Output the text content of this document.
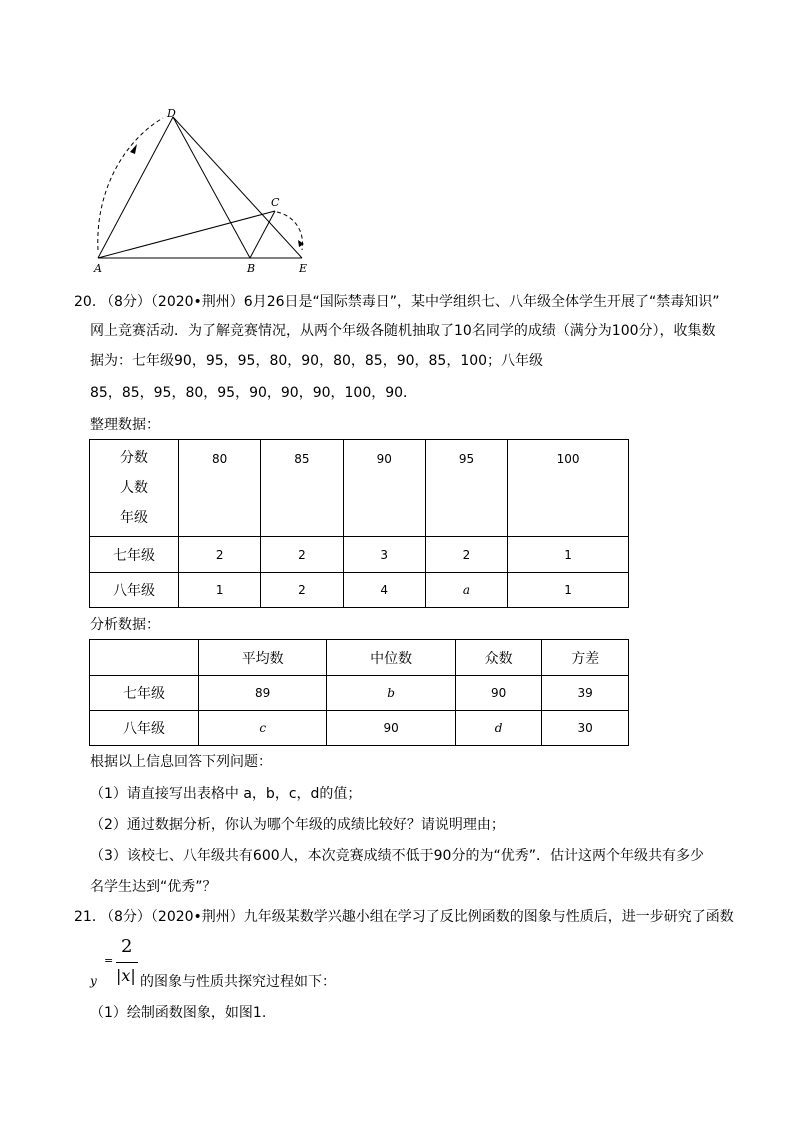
D
C
A	B	E
20．
（8分）（2020•荆州）6月26日是“国际禁毒日”，某中学组织七、八年级全体学生开展了“禁毒知识”
网上竞赛活动．为了解竞赛情况，从两个年级各随机抽取了10名同学的成绩（满分为100分），收集数
据为：七年级90，95，95，80，90，80，85，90，85，100；八年级
85，85，95，80，95，90，90，90，100，90．
整理数据：
分数
人数
年级	80	85	90	95	100
七年级	2	2	3	2	1
八年级	1	2	4	a	1
分析数据：
	平均数	中位数	众数	方差
七年级	89	b	90	39
八年级	c	90	d	30
根据以上信息回答下列问题：
（1）请直接写出表格中 a，b，c，d的值；
（2）通过数据分析，你认为哪个年级的成绩比较好？请说明理由；
（3）该校七、八年级共有600人，本次竞赛成绩不低于90分的为“优秀”．估计这两个年级共有多少
名学生达到“优秀”？
21．
（8分）（2020•荆州）九年级某数学兴趣小组在学习了反比例函数的图象与性质后，进一步研究了函数
y
=
2
|x| 的图象与性质共探究过程如下：
（1）绘制函数图象，如图1.
